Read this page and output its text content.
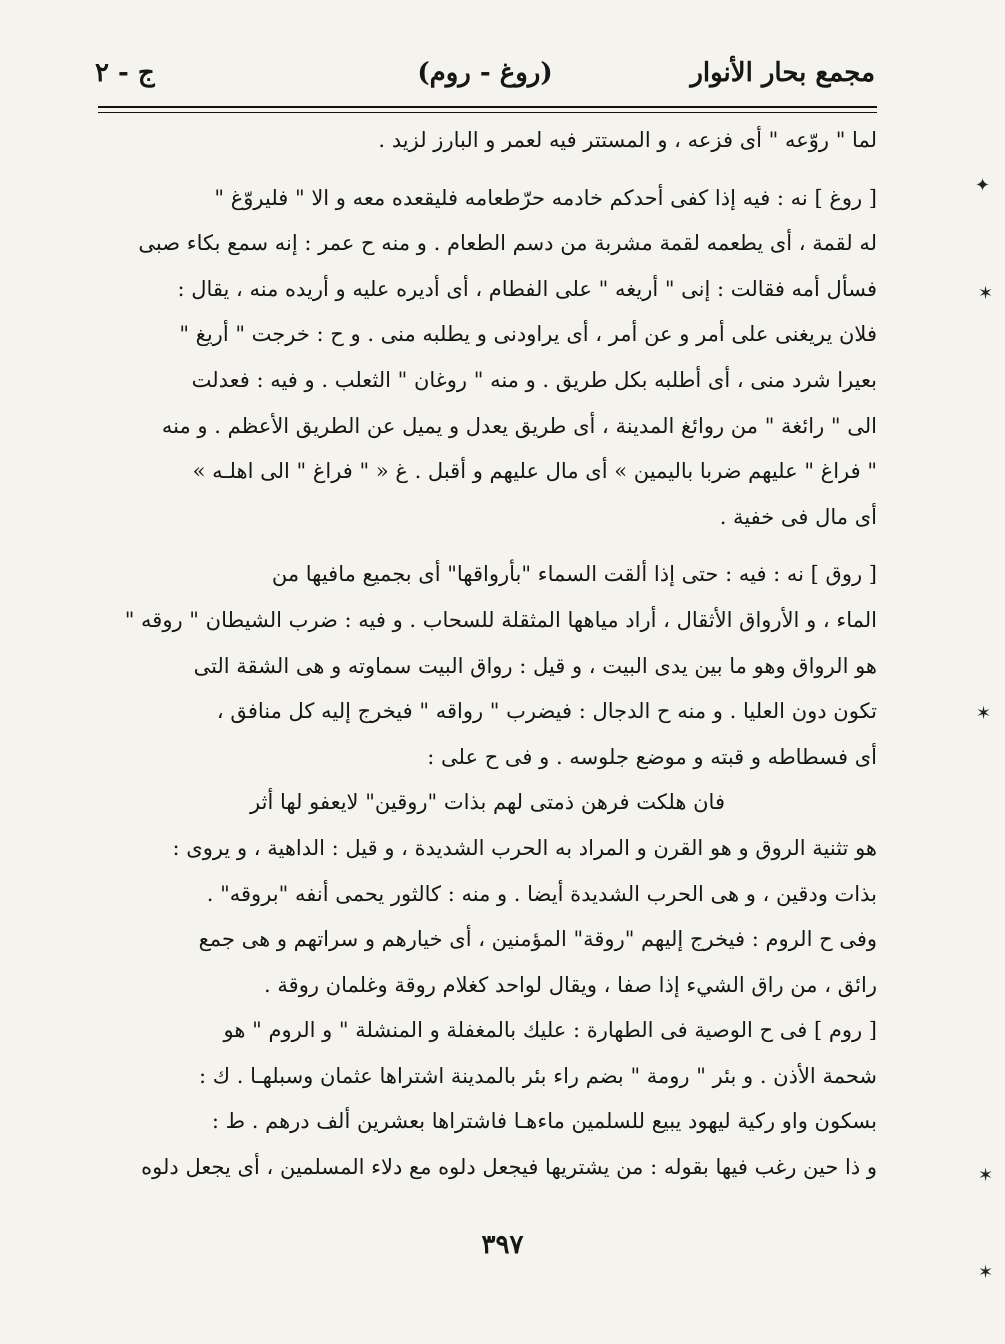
مجمع بحار الأنوار
(روغ - روم)
ج - ٢
لما " روّعه " أى فزعه ، و المستتر فيه لعمر و البارز لزيد .
[ روغ ] نه : فيه إذا كفى أحدكم خادمه حرّطعامه فليقعده معه و الا " فليروّغ "
له لقمة ، أى يطعمه لقمة مشربة من دسم الطعام . و منه ح عمر : إنه سمع بكاء صبى
فسأل أمه فقالت : إنى " أريغه " على الفطام ، أى أديره عليه و أريده منه ، يقال :
فلان يريغنى على أمر و عن أمر ، أى يراودنى و يطلبه منى . و ح : خرجت " أريغ "
بعيرا شرد منى ، أى أطلبه بكل طريق . و منه " روغان " الثعلب . و فيه : فعدلت
الى " رائغة " من روائغ المدينة ، أى طريق يعدل و يميل عن الطريق الأعظم . و منه
" فراغ " عليهم ضربا باليمين » أى مال عليهم و أقبل . غ « " فراغ " الى اهلـه »
أى مال فى خفية .
[ روق ] نه : فيه : حتى إذا ألقت السماء "بأرواقها" أى بجميع مافيها من
الماء ، و الأرواق الأثقال ، أراد مياهها المثقلة للسحاب . و فيه : ضرب الشيطان " روقه "
هو الرواق وهو ما بين يدى البيت ، و قيل : رواق البيت سماوته و هى الشقة التى
تكون دون العليا . و منه ح الدجال : فيضرب " رواقه " فيخرج إليه كل منافق ،
أى فسطاطه و قبته و موضع جلوسه . و فى ح على :
فان هلكت فرهن ذمتى لهم بذات "روقين" لايعفو لها أثر
هو تثنية الروق و هو القرن و المراد به الحرب الشديدة ، و قيل : الداهية ، و يروى :
بذات ودقين ، و هى الحرب الشديدة أيضا . و منه : كالثور يحمى أنفه "بروقه" .
وفى ح الروم : فيخرج إليهم "روقة" المؤمنين ، أى خيارهم و سراتهم و هى جمع
رائق ، من راق الشيء إذا صفا ، ويقال لواحد كغلام روقة وغلمان روقة .
[ روم ] فى ح الوصية فى الطهارة : عليك بالمغفلة و المنشلة " و الروم " هو
شحمة الأذن . و بئر " رومة " بضم راء بئر بالمدينة اشتراها عثمان وسبلهـا . ك :
بسكون واو ركية ليهود يبيع للسلمين ماءهـا فاشتراها بعشرين ألف درهم . ط :
و ذا حين رغب فيها بقوله : من يشتريها فيجعل دلوه مع دلاء المسلمين ، أى يجعل دلوه
٣٩٧
✦
✶
✶
✶
✶
